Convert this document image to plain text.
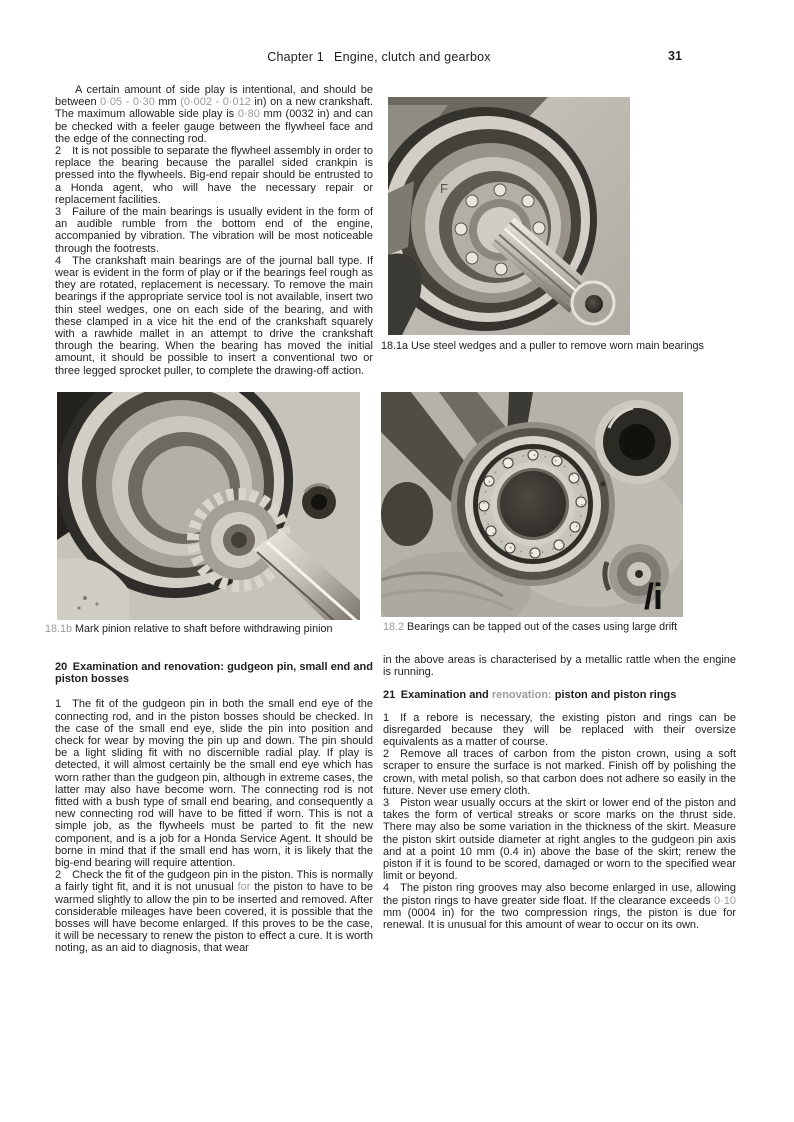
Chapter 1  Engine, clutch and gearbox	31

A certain amount of side play is intentional, and should be between 0·05 - 0·30 mm (0·002 - 0·012 in) on a new crankshaft. The maximum allowable side play is 0·80 mm (0032 in) and can be checked with a feeler gauge between the flywheel face and the edge of the connecting rod.

2  It is not possible to separate the flywheel assembly in order to replace the bearing because the parallel sided crankpin is pressed into the flywheels. Big-end repair should be entrusted to a Honda agent, who will have the necessary repair or replacement facilities.

3  Failure of the main bearings is usually evident in the form of an audible rumble from the bottom end of the engine, accompanied by vibration. The vibration will be most noticeable through the footrests.

4  The crankshaft main bearings are of the journal ball type. If wear is evident in the form of play or if the bearings feel rough as they are rotated, replacement is necessary. To remove the main bearings if the appropriate service tool is not available, insert two thin steel wedges, one on each side of the bearing, and with these clamped in a vice hit the end of the crankshaft squarely with a rawhide mallet in an attempt to drive the crankshaft through the bearing. When the bearing has moved the initial amount, it should be possible to insert a conventional two or three legged sprocket puller, to complete the drawing-off action.

F
18.1a Use steel wedges and a puller to remove worn main bearings
18.1b Mark pinion relative to shaft before withdrawing pinion
20 Examination and renovation: gudgeon pin, small end and piston bosses

1  The fit of the gudgeon pin in both the small end eye of the connecting rod, and in the piston bosses should be checked. In the case of the small end eye, slide the pin into position and check for wear by moving the pin up and down. The pin should be a light sliding fit with no discernible radial play. If play is detected, it will almost certainly be the small end eye which has worn rather than the gudgeon pin, although in extreme cases, the latter may also have become worn. The connecting rod is not fitted with a bush type of small end bearing, and consequently a new connecting rod will have to be fitted if worn. This is not a simple job, as the flywheels must be parted to fit the new component, and is a job for a Honda Service Agent. It should be borne in mind that if the small end has worn, it is likely that the big-end bearing will require attention.

2  Check the fit of the gudgeon pin in the piston. This is normally a fairly tight fit, and it is not unusual for the piston to have to be warmed slightly to allow the pin to be inserted and removed. After considerable mileages have been covered, it is possible that the bosses will have become enlarged. If this proves to be the case, it will be necessary to renew the piston to effect a cure. It is worth noting, as an aid to diagnosis, that wear

/i
18.2 Bearings can be tapped out of the cases using large drift

in the above areas is characterised by a metallic rattle when the engine is running.

21 Examination and renovation: piston and piston rings

1  If a rebore is necessary, the existing piston and rings can be disregarded because they will be replaced with their oversize equivalents as a matter of course.

2  Remove all traces of carbon from the piston crown, using a soft scraper to ensure the surface is not marked. Finish off by polishing the crown, with metal polish, so that carbon does not adhere so easily in the future. Never use emery cloth.

3  Piston wear usually occurs at the skirt or lower end of the piston and takes the form of vertical streaks or score marks on the thrust side. There may also be some variation in the thickness of the skirt. Measure the piston skirt outside diameter at right angles to the gudgeon pin axis and at a point 10 mm (0.4 in) above the base of the skirt; renew the piston if it is found to be scored, damaged or worn to the specified wear limit or beyond.

4  The piston ring grooves may also become enlarged in use, allowing the piston rings to have greater side float. If the clearance exceeds 0·10 mm (0004 in) for the two compression rings, the piston is due for renewal. It is unusual for this amount of wear to occur on its own.
